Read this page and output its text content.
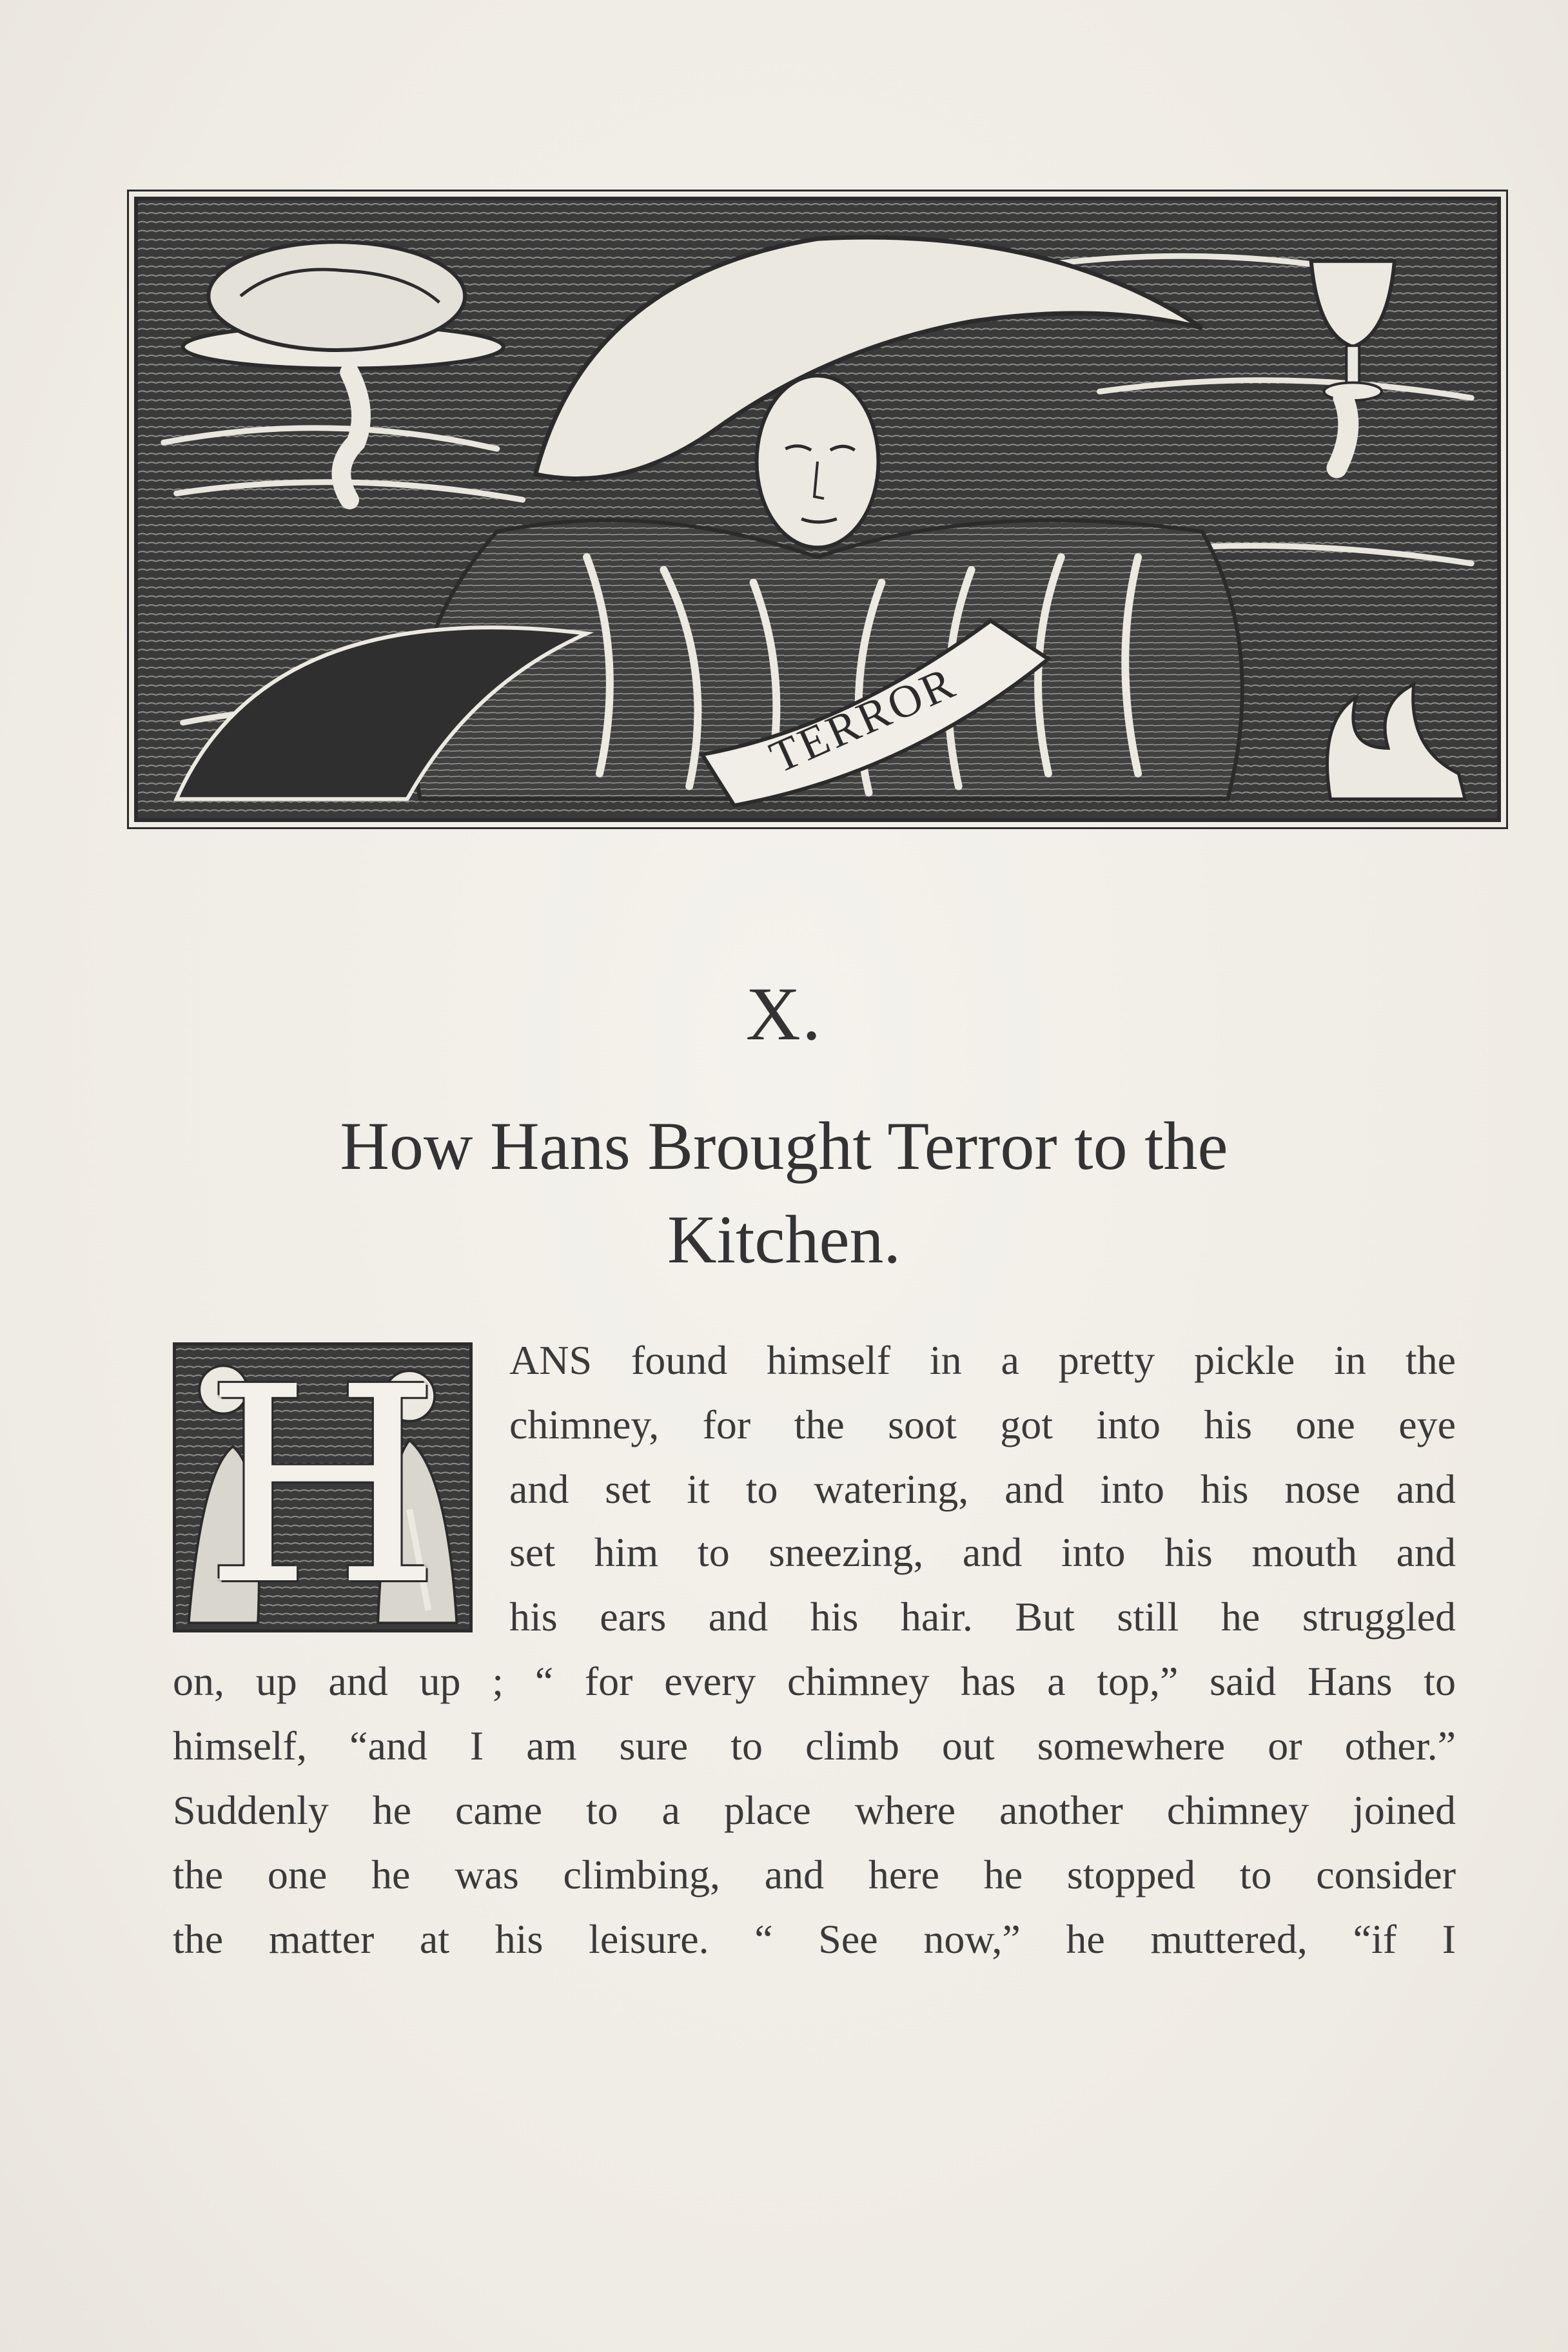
TERROR
X.
How Hans Brought Terror to the
Kitchen.
H	ANS found himself in a pretty pickle in the
chimney, for the soot got into his one eye
and set it to watering, and into his nose and
set him to sneezing, and into his mouth and
his ears and his hair. But still he struggled
on, up and up ; “ for every chimney has a top,” said Hans to
himself, “and I am sure to climb out somewhere or other.”
Suddenly he came to a place where another chimney joined
the one he was climbing, and here he stopped to consider
the matter at his leisure. “ See now,” he muttered, “if I
